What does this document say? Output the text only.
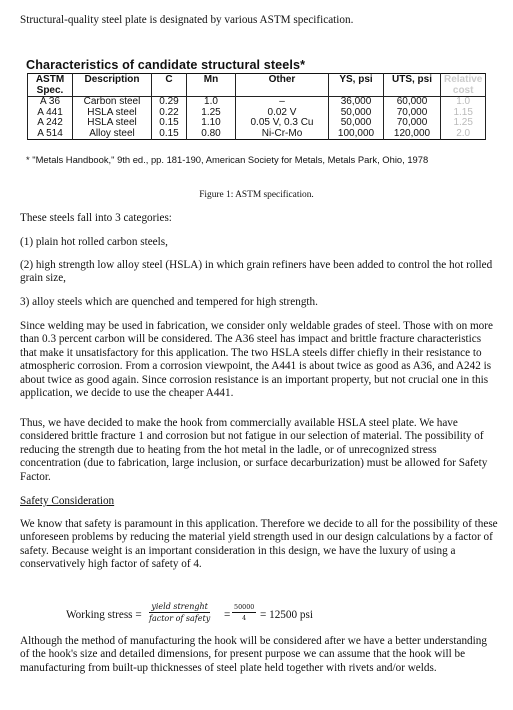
Structural-quality steel plate is designated by various ASTM specification.

Characteristics of candidate structural steels*
ASTM
Spec.	Description	C	Mn	Other	YS, psi	UTS, psi	Relative
cost
A 36	Carbon steel	0.29	1.0	–	36,000	60,000	1.0
A 441	HSLA steel	0.22	1.25	0.02 V	50,000	70,000	1.15
A 242	HSLA steel	0.15	1.10	0.05 V, 0.3 Cu	50,000	70,000	1.25
A 514	Alloy steel	0.15	0.80	Ni-Cr-Mo	100,000	120,000	2.0
* "Metals Handbook," 9th ed., pp. 181-190, American Society for Metals, Metals Park, Ohio, 1978
Figure 1: ASTM specification.

These steels fall into 3 categories:

(1) plain hot rolled carbon steels,

(2) high strength low alloy steel (HSLA) in which grain refiners have been added to control the hot rolled grain size,

3) alloy steels which are quenched and tempered for high strength.

Since welding may be used in fabrication, we consider only weldable grades of steel. Those with on more than 0.3 percent carbon will be considered. The A36 steel has impact and brittle fracture characteristics that make it unsatisfactory for this application. The two HSLA steels differ chiefly in their resistance to atmospheric corrosion. From a corrosion viewpoint, the A441 is about twice as good as A36, and A242 is about twice as good again. Since corrosion resistance is an important property, but not crucial one in this application, we decide to use the cheaper A441.

Thus, we have decided to make the hook from commercially available HSLA steel plate. We have considered brittle fracture 1 and corrosion but not fatigue in our selection of material. The possibility of reducing the strength due to heating from the hot metal in the ladle, or of unrecognized stress concentration (due to fabrication, large inclusion, or surface decarburization) must be allowed for Safety Factor.

Safety Consideration

We know that safety is paramount in this application. Therefore we decide to all for the possibility of these unforeseen problems by reducing the material yield strength used in our design calculations by a factor of safety. Because weight is an important consideration in this design, we have the luxury of using a conservatively high factor of safety of 4.

Working stress =
yield strenght
factor of safety = $\frac{50000}{4} = 12500$ psi

Although the method of manufacturing the hook will be considered after we have a better understanding of the hook's size and detailed dimensions, for present purpose we can assume that the hook will be manufacturing from built-up thicknesses of steel plate held together with rivets and/or welds.
